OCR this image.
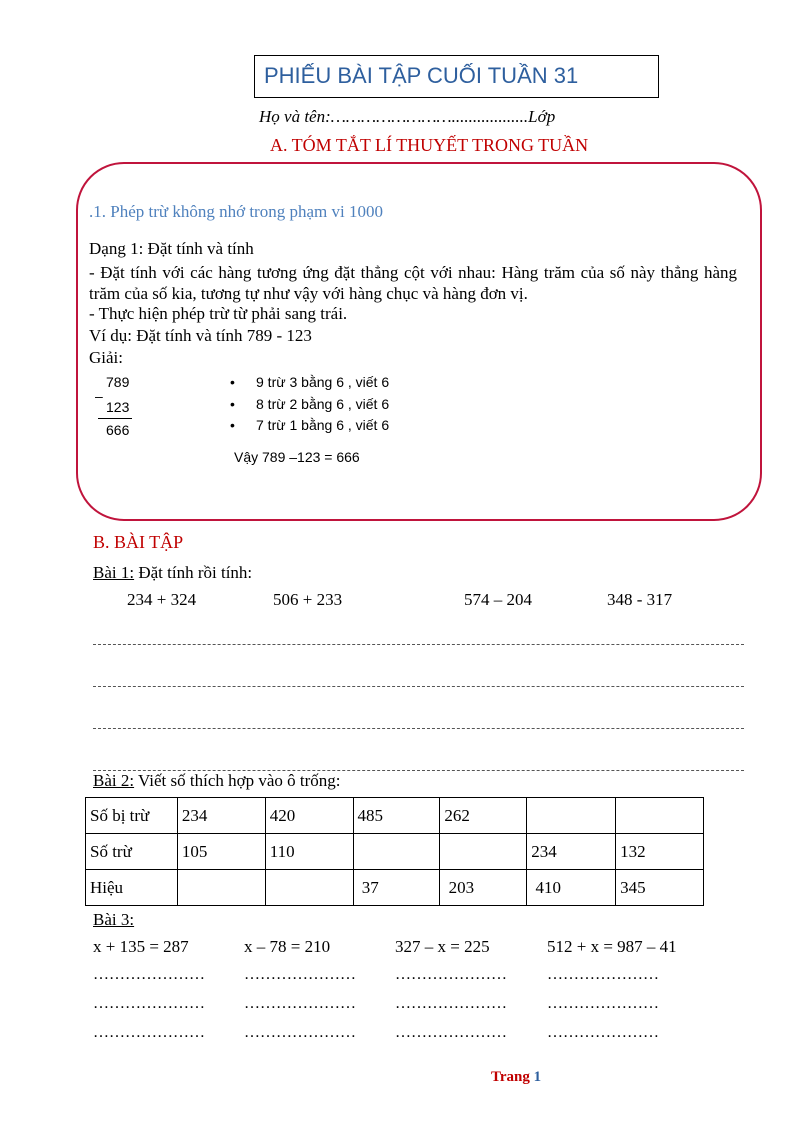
PHIẾU BÀI TẬP CUỐI TUẦN 31
Họ và tên:……………………..................Lớp
A. TÓM TẮT LÍ THUYẾT TRONG TUẦN
.1. Phép trừ không nhớ trong phạm vi 1000
Dạng 1: Đặt tính và tính
- Đặt tính với các hàng tương ứng đặt thẳng cột với nhau: Hàng trăm của số này thẳng hàng trăm của số kia, tương tự như vậy với hàng chục và hàng đơn vị.
- Thực hiện phép trừ từ phải sang trái.
Ví dụ: Đặt tính và tính 789 - 123
Giải:
–
789
123
666
• 9 trừ 3 bằng 6 , viết 6
• 8 trừ 2 bằng 6 , viết 6
• 7 trừ 1 bằng 6 , viết 6
Vậy 789 –123 = 666
B. BÀI TẬP
Bài 1: Đặt tính rồi tính:
234 + 324	506 + 233	574 – 204	348 - 317
Bài 2: Viết số thích hợp vào ô trống:
Số bị trừ	234	420	485	262		
Số trừ	105	110			234	132
Hiệu			37	203	410	345
Bài 3:
x + 135 = 287	x – 78 = 210	327 – x = 225	512 + x = 987 – 41
………………… ………………… …………………	…………………
………………… ………………… …………………	…………………
………………… ………………… …………………	…………………
Trang 1
